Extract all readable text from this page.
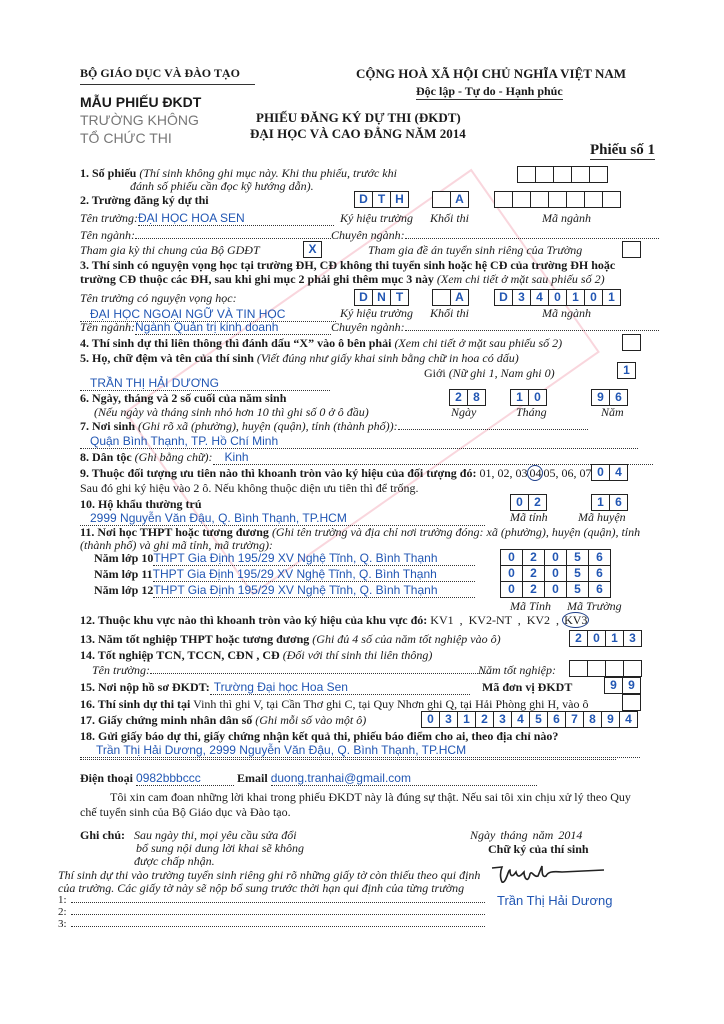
BỘ GIÁO DỤC VÀ ĐÀO TẠO	CỘNG HOÀ XÃ HỘI CHỦ NGHĨA VIỆT NAM
Độc lập - Tự do - Hạnh phúc
MẪU PHIẾU ĐKDT
TRƯỜNG KHÔNG
TỔ CHỨC THI
PHIẾU ĐĂNG KÝ DỰ THI (ĐKDT)
ĐẠI HỌC VÀ CAO ĐẲNG NĂM 2014
Phiếu số 1
1. Số phiếu (Thí sinh không ghi mục này. Khi thu phiếu, trước khi
đánh số phiếu cần đọc kỹ hướng dẫn).
2. Trường đăng ký dự thi	D T H	A
Tên trường:ĐẠI HỌC HOA SEN	Ký hiệu trường Khối thi	Mã ngành
Tên ngành:	Chuyên ngành:
Tham gia kỳ thi chung của Bộ GDĐT	X	Tham gia đề án tuyển sinh riêng của Trường
3. Thí sinh có nguyện vọng học tại trường ĐH, CĐ không thi tuyển sinh hoặc hệ CĐ của trường ĐH hoặc
trường CĐ thuộc các ĐH, sau khi ghi mục 2 phải ghi thêm mục 3 này (Xem chi tiết ở mặt sau phiếu số 2)
Tên trường có nguyện vọng học:	D N T	A	D 3 4 0 1 0 1
ĐẠI HỌC NGOẠI NGỮ VÀ TIN HỌC	Ký hiệu trường Khối thi	Mã ngành
Tên ngành:Ngành Quản trị kinh doanh	Chuyên ngành:
4. Thí sinh dự thi liên thông thì đánh dấu “X” vào ô bên phải (Xem chi tiết ở mặt sau phiếu số 2)
5. Họ, chữ đệm và tên của thí sinh (Viết đúng như giấy khai sinh bằng chữ in hoa có dấu)
Giới (Nữ ghi 1, Nam ghi 0)	1
TRẦN THỊ HẢI DƯƠNG
6. Ngày, tháng và 2 số cuối của năm sinh
(Nếu ngày và tháng sinh nhỏ hơn 10 thì ghi số 0 ở ô đầu)
2 8	1 0	9 6
Ngày	Tháng	Năm
7. Nơi sinh (Ghi rõ xã (phường), huyện (quận), tỉnh (thành phố)):
Quận Bình Thạnh, TP. Hồ Chí Minh
8. Dân tộc (Ghi bằng chữ): Kinh
9. Thuộc đối tượng ưu tiên nào thì khoanh tròn vào ký hiệu của đối tượng đó: 01, 02, 03 04 05, 06, 07 0 4
Sau đó ghi ký hiệu vào 2 ô. Nếu không thuộc diện ưu tiên thì để trống.
10. Hộ khẩu thường trú	0 2	1 6
2999 Nguyễn Văn Đậu, Q. Bình Thạnh, TP.HCM	Mã tỉnh	Mã huyện
11. Nơi học THPT hoặc tương đương (Ghi tên trường và địa chỉ nơi trường đóng: xã (phường), huyện (quận), tỉnh
(thành phố) và ghi mã tỉnh, mã trường):
Năm lớp 10THPT Gia Định 195/29 XV Nghệ Tĩnh, Q. Bình Thạnh	0	2	0	5	6
Năm lớp 11THPT Gia Định 195/29 XV Nghệ Tĩnh, Q. Bình Thạnh	0	2	0	5	6
Năm lớp 12THPT Gia Định 195/29 XV Nghệ Tĩnh, Q. Bình Thạnh	0	2	0	5	6
Mã Tỉnh Mã Trường
12. Thuộc khu vực nào thì khoanh tròn vào ký hiệu của khu vực đó: KV1  ,  KV2-NT  ,  KV2  , KV3
13. Năm tốt nghiệp THPT hoặc tương đương (Ghi đủ 4 số của năm tốt nghiệp vào ô)	2 0 1 3
14. Tốt nghiệp TCN, TCCN, CĐN , CĐ (Đối với thí sinh thi liên thông)
Tên trường:	Năm tốt nghiệp:
15. Nơi nộp hồ sơ ĐKDT: Trường Đại học Hoa Sen	Mã đơn vị ĐKDT	9 9
16. Thí sinh dự thi tại Vinh thì ghi V, tại Cần Thơ ghi C, tại Quy Nhơn ghi Q, tại Hải Phòng ghi H, vào ô
17. Giấy chứng minh nhân dân số (Ghi mỗi số vào một ô)	0 3 1 2 3 4 5 6 7 8 9 4
18. Gửi giấy báo dự thi, giấy chứng nhận kết quả thi, phiếu báo điểm cho ai, theo địa chỉ nào?
Trần Thị Hải Dương, 2999 Nguyễn Văn Đậu, Q. Bình Thạnh, TP.HCM
Điện thoại 0982bbbccc	Email duong.tranhai@gmail.com
Tôi xin cam đoan những lời khai trong phiếu ĐKDT này là đúng sự thật. Nếu sai tôi xin chịu xử lý theo Quy
chế tuyển sinh của Bộ Giáo dục và Đào tạo.
Ghi chú: Sau ngày thi, mọi yêu cầu sửa đổi
bổ sung nội dung lời khai sẽ không
được chấp nhận.
Ngày tháng năm 2014
Chữ ký của thí sinh
Trần Thị Hải Dương
Thí sinh dự thi vào trường tuyển sinh riêng ghi rõ những giấy tờ còn thiếu theo qui định
của trường. Các giấy tờ này sẽ nộp bổ sung trước thời hạn qui định của từng trường
1:
2:
3:
